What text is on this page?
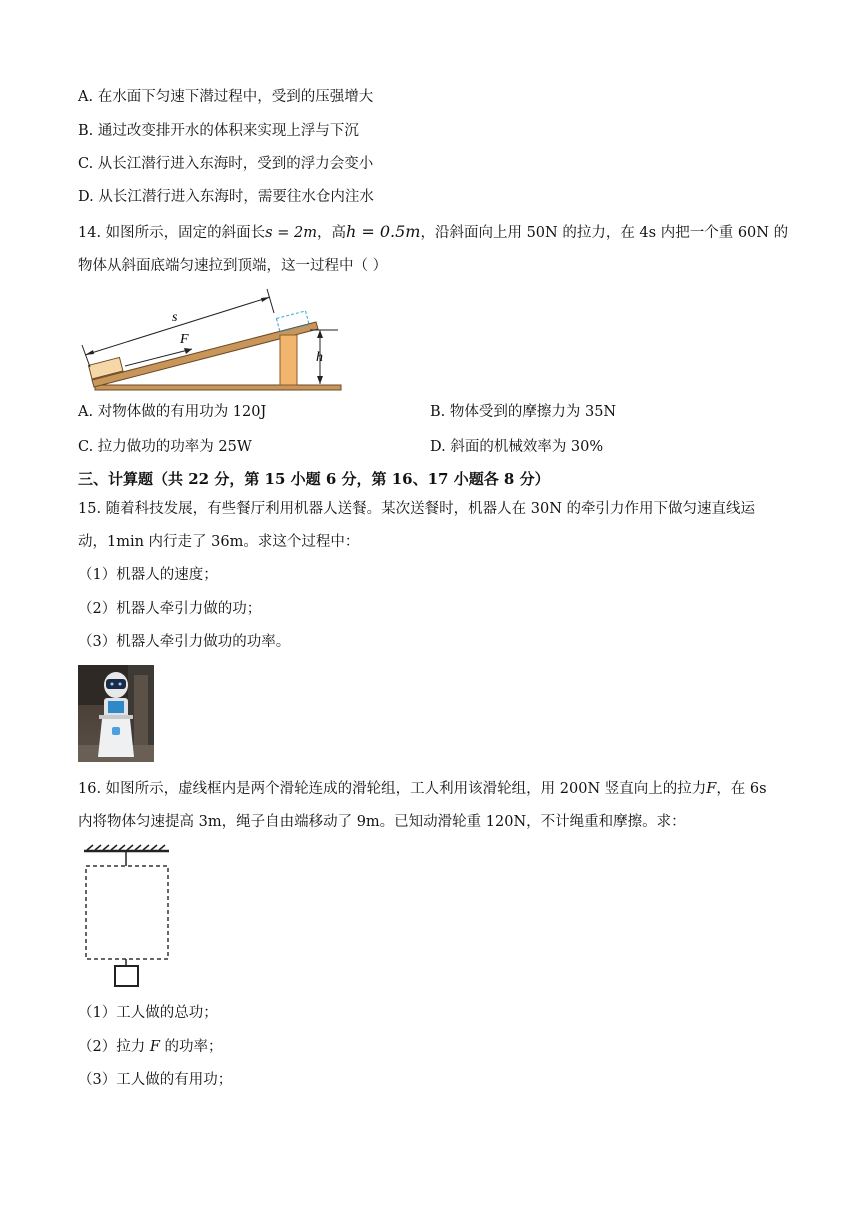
A. 在水面下匀速下潜过程中，受到的压强增大
B. 通过改变排开水的体积来实现上浮与下沉
C. 从长江潜行进入东海时，受到的浮力会变小
D. 从长江潜行进入东海时，需要往水仓内注水
14. 如图所示，固定的斜面长s = 2m，高h = 0.5m，沿斜面向上用 50N 的拉力，在 4s 内把一个重 60N 的
物体从斜面底端匀速拉到顶端，这一过程中（ ）
F
s
h
A. 对物体做的有用功为 120J	B. 物体受到的摩擦力为 35N
C. 拉力做功的功率为 25W	D. 斜面的机械效率为 30%
三、计算题（共 22 分，第 15 小题 6 分，第 16、17 小题各 8 分）
15. 随着科技发展，有些餐厅利用机器人送餐。某次送餐时，机器人在 30N 的牵引力作用下做匀速直线运
动，1min 内行走了 36m。求这个过程中：
（1）机器人的速度；
（2）机器人牵引力做的功；
（3）机器人牵引力做功的功率。
16. 如图所示，虚线框内是两个滑轮连成的滑轮组，工人利用该滑轮组，用 200N 竖直向上的拉力F，在 6s
内将物体匀速提高 3m，绳子自由端移动了 9m。已知动滑轮重 120N，不计绳重和摩擦。求：
（1）工人做的总功；
（2）拉力 F 的功率；
（3）工人做的有用功；
